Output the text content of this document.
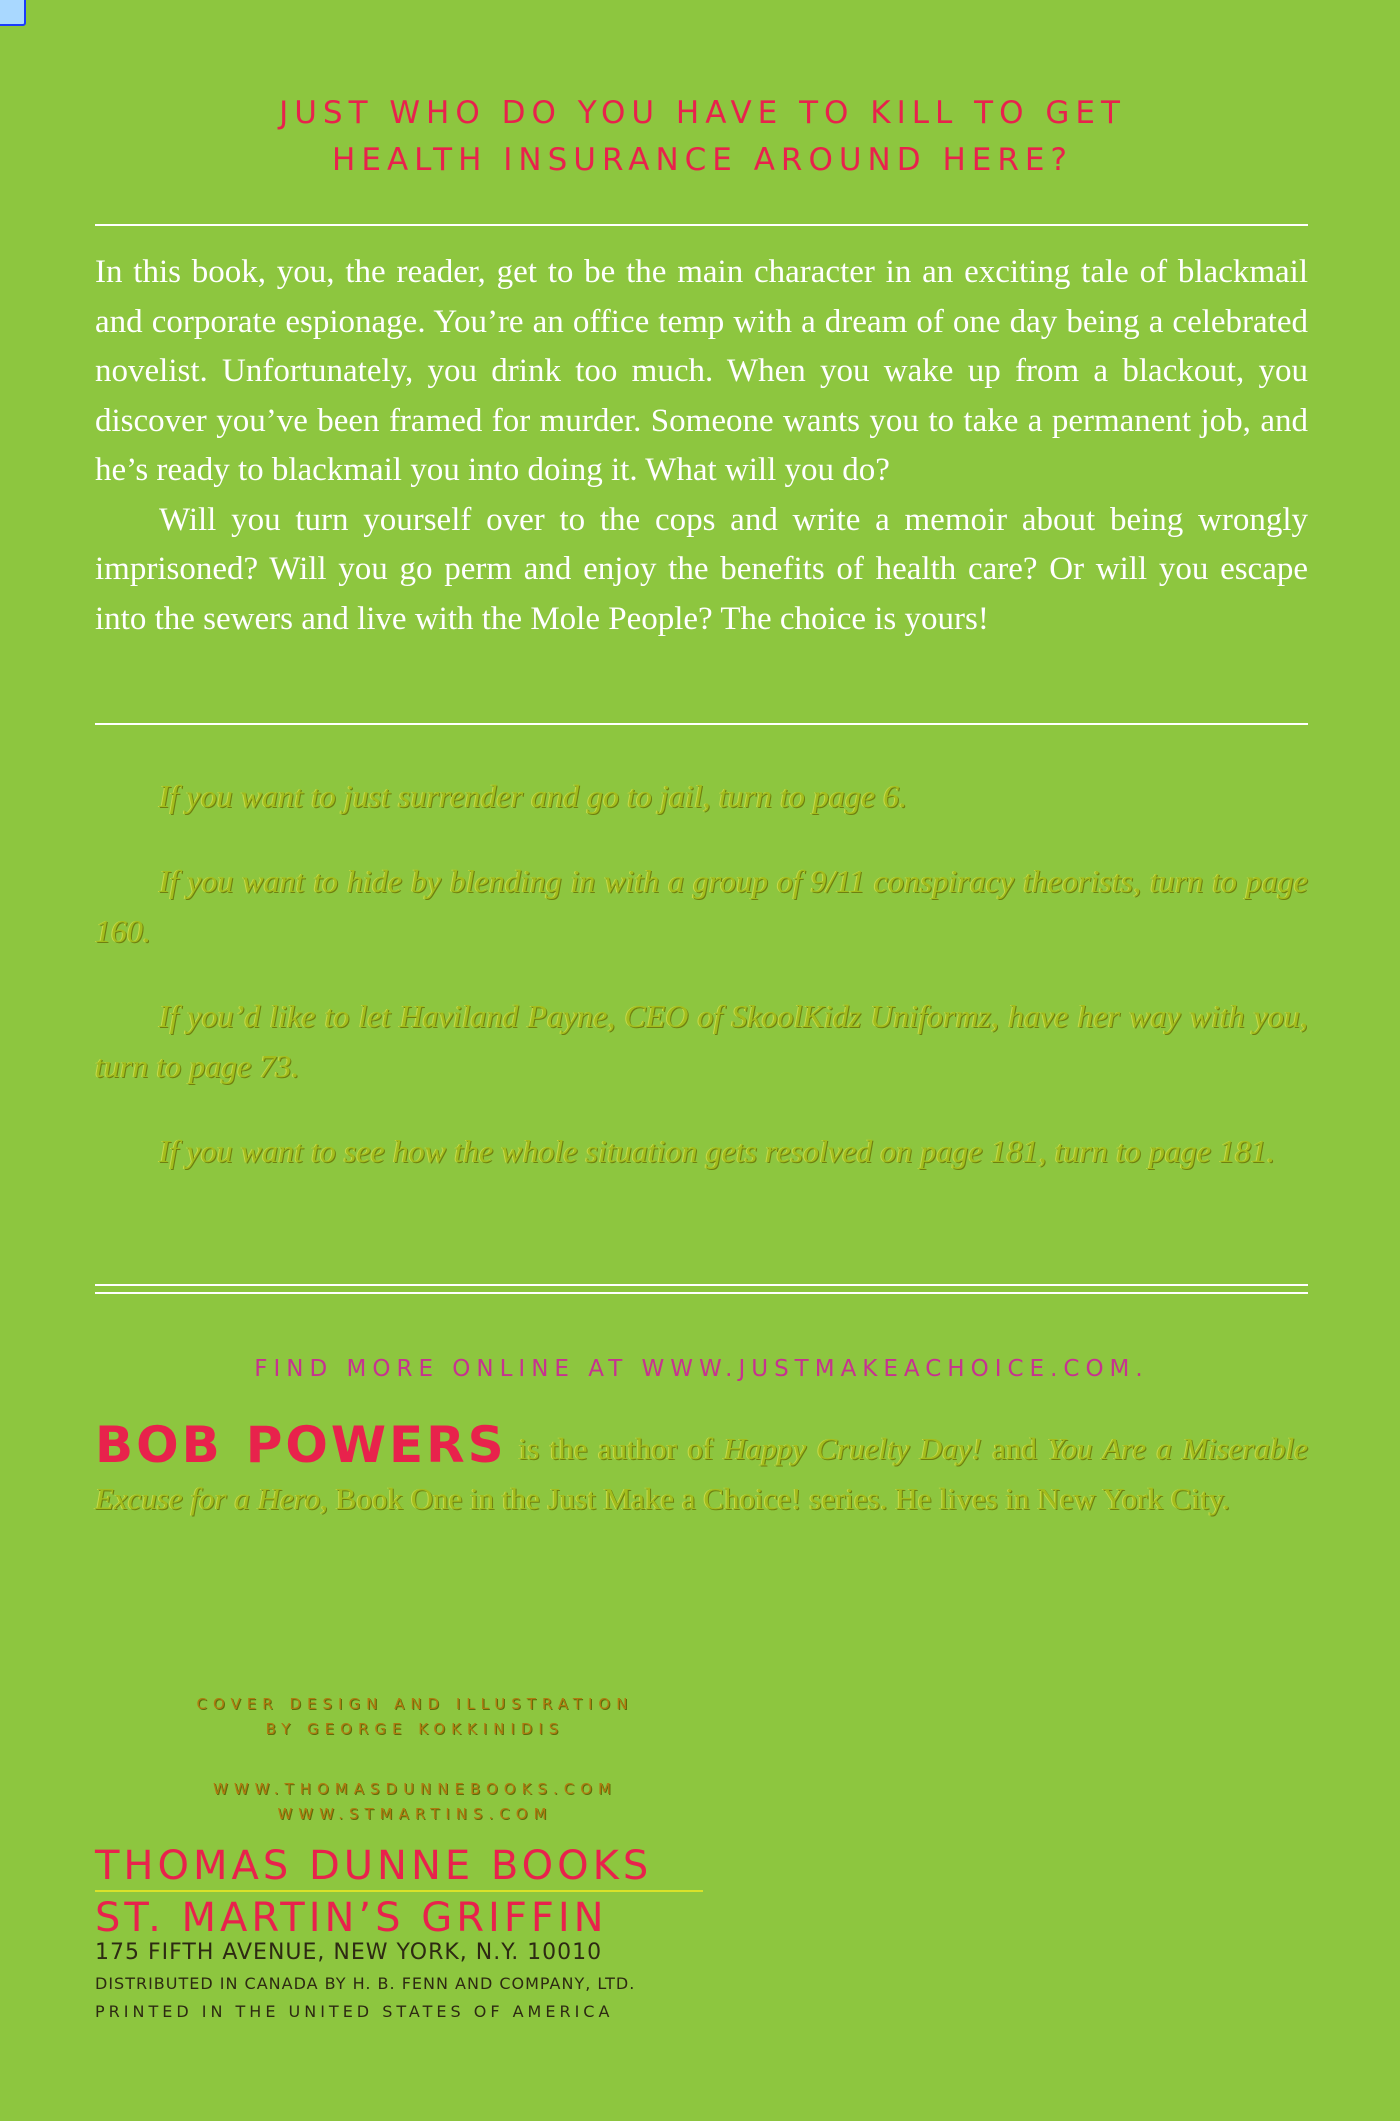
JUST WHO DO YOU HAVE TO KILL TO GET
HEALTH INSURANCE AROUND HERE?

In this book, you, the reader, get to be the main character in an exciting tale of blackmail and corporate espionage. You’re an office temp with a dream of one day being a celebrated novelist. Unfortunately, you drink too much. When you wake up from a blackout, you discover you’ve been framed for murder. Someone wants you to take a permanent job, and he’s ready to blackmail you into doing it. What will you do?

Will you turn yourself over to the cops and write a memoir about being wrongly imprisoned? Will you go perm and enjoy the benefits of health care? Or will you escape into the sewers and live with the Mole People? The choice is yours!

If you want to just surrender and go to jail, turn to page 6.

If you want to hide by blending in with a group of 9/11 conspiracy theorists, turn to page 160.

If you’d like to let Haviland Payne, CEO of SkoolKidz Uniformz, have her way with you, turn to page 73.

If you want to see how the whole situation gets resolved on page 181, turn to page 181.

FIND MORE ONLINE AT WWW.JUSTMAKEACHOICE.COM.
BOB POWERS is the author of Happy Cruelty Day! and You Are a Miserable Excuse for a Hero, Book One in the Just Make a Choice! series. He lives in New York City.
COVER DESIGN AND ILLUSTRATION
BY GEORGE KOKKINIDIS
WWW.THOMASDUNNEBOOKS.COM
WWW.STMARTINS.COM
THOMAS DUNNE BOOKS
ST. MARTIN’S GRIFFIN
175 FIFTH AVENUE, NEW YORK, N.Y. 10010
DISTRIBUTED IN CANADA BY H. B. FENN AND COMPANY, LTD.
PRINTED IN THE UNITED STATES OF AMERICA
